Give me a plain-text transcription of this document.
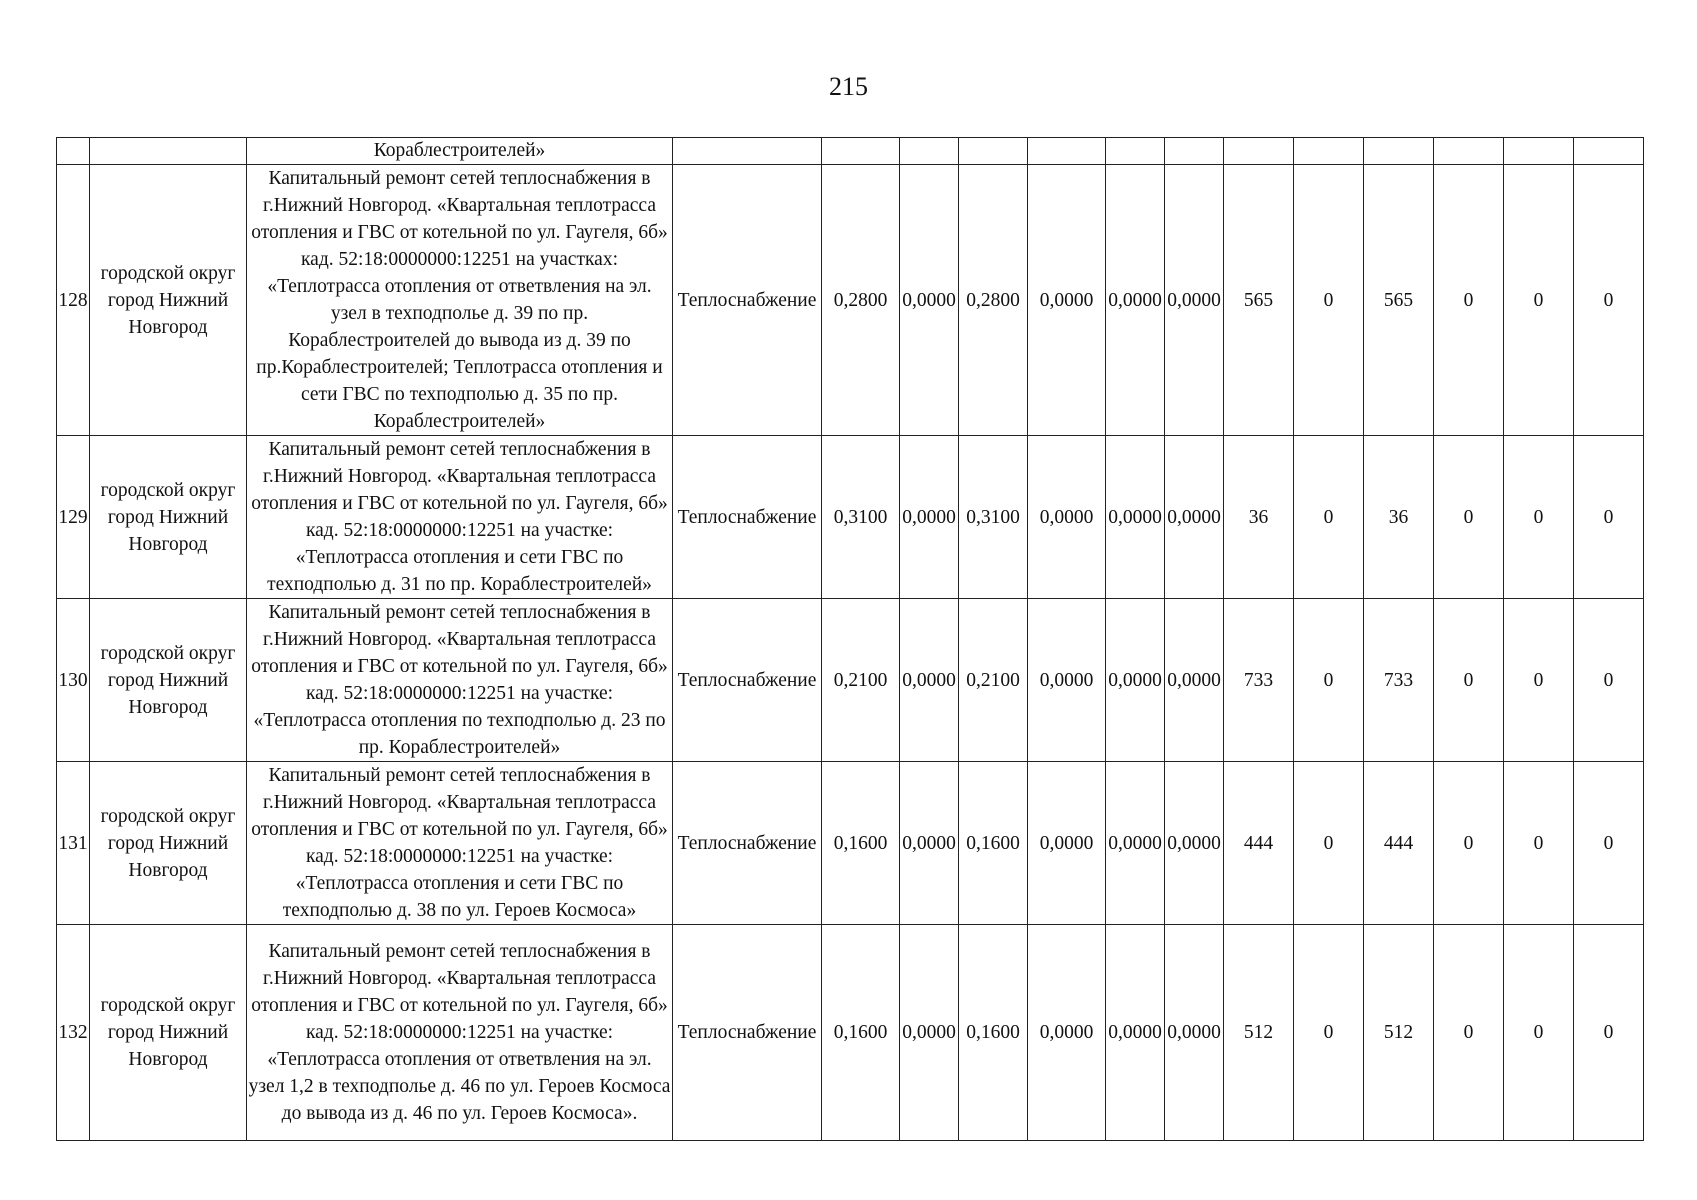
215
		Кораблестроителей»													
128	городской округ город Нижний Новгород	Капитальный ремонт сетей теплоснабжения в г.Нижний Новгород. «Квартальная теплотрасса отопления и ГВС от котельной по ул. Гаугеля, 6б» кад. 52:18:0000000:12251 на участках: «Теплотрасса отопления от ответвления на эл. узел в техподполье д. 39 по пр. Кораблестроителей до вывода из д. 39 по пр.Кораблестроителей; Теплотрасса отопления и сети ГВС по техподполью д. 35 по пр. Кораблестроителей»	Теплоснабжение	0,2800	0,0000	0,2800	0,0000	0,0000	0,0000	565	0	565	0	0	0
129	городской округ город Нижний Новгород	Капитальный ремонт сетей теплоснабжения в г.Нижний Новгород. «Квартальная теплотрасса отопления и ГВС от котельной по ул. Гаугеля, 6б» кад. 52:18:0000000:12251 на участке: «Теплотрасса отопления и сети ГВС по техподполью д. 31 по пр. Кораблестроителей»	Теплоснабжение	0,3100	0,0000	0,3100	0,0000	0,0000	0,0000	36	0	36	0	0	0
130	городской округ город Нижний Новгород	Капитальный ремонт сетей теплоснабжения в г.Нижний Новгород. «Квартальная теплотрасса отопления и ГВС от котельной по ул. Гаугеля, 6б» кад. 52:18:0000000:12251 на участке: «Теплотрасса отопления по техподполью д. 23 по пр. Кораблестроителей»	Теплоснабжение	0,2100	0,0000	0,2100	0,0000	0,0000	0,0000	733	0	733	0	0	0
131	городской округ город Нижний Новгород	Капитальный ремонт сетей теплоснабжения в г.Нижний Новгород. «Квартальная теплотрасса отопления и ГВС от котельной по ул. Гаугеля, 6б» кад. 52:18:0000000:12251 на участке: «Теплотрасса отопления и сети ГВС по техподполью д. 38 по ул. Героев Космоса»	Теплоснабжение	0,1600	0,0000	0,1600	0,0000	0,0000	0,0000	444	0	444	0	0	0
132	городской округ город Нижний Новгород	Капитальный ремонт сетей теплоснабжения в г.Нижний Новгород. «Квартальная теплотрасса отопления и ГВС от котельной по ул. Гаугеля, 6б» кад. 52:18:0000000:12251 на участке: «Теплотрасса отопления от ответвления на эл. узел 1,2 в техподполье д. 46 по ул. Героев Космоса до вывода из д. 46 по ул. Героев Космоса».	Теплоснабжение	0,1600	0,0000	0,1600	0,0000	0,0000	0,0000	512	0	512	0	0	0
